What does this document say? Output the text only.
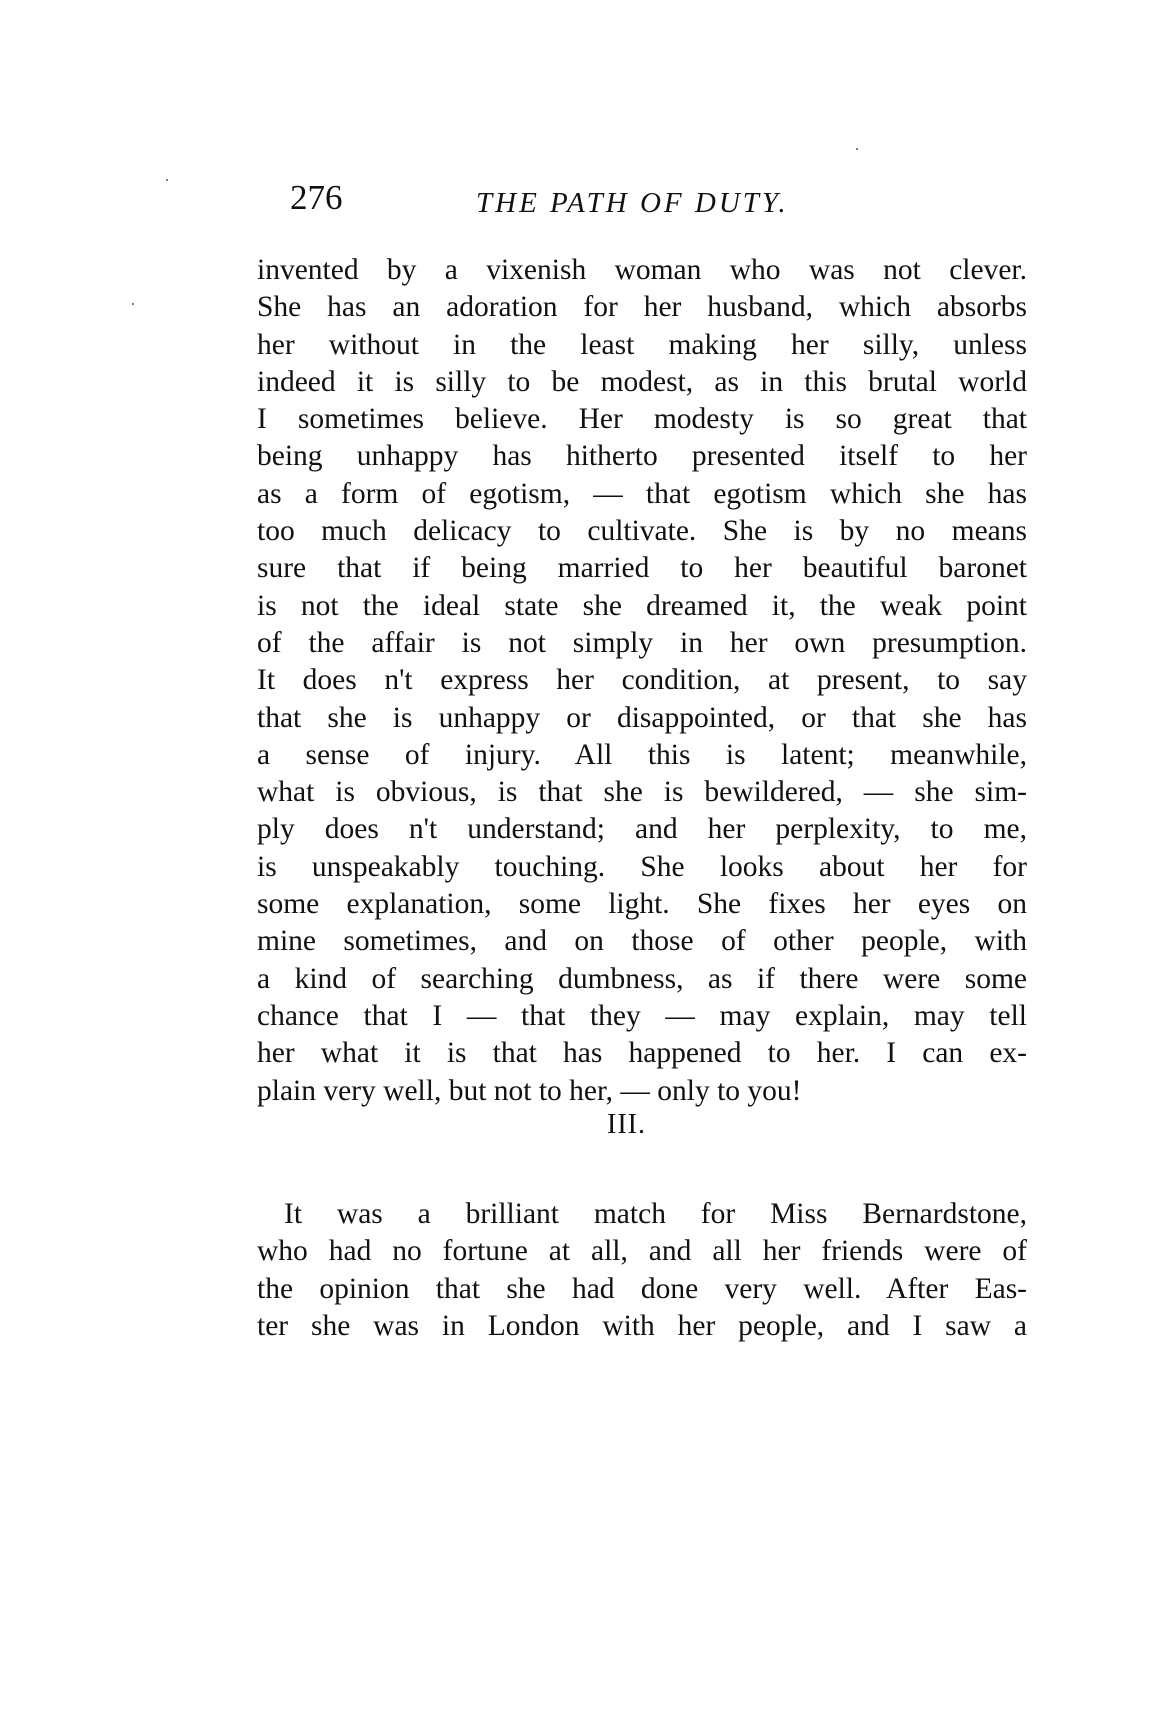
276	THE PATH OF DUTY.
invented by a vixenish woman who was not clever.
She has an adoration for her husband, which absorbs
her without in the least making her silly, unless
indeed it is silly to be modest, as in this brutal world
I sometimes believe. Her modesty is so great that
being unhappy has hitherto presented itself to her
as a form of egotism, — that egotism which she has
too much delicacy to cultivate. She is by no means
sure that if being married to her beautiful baronet
is not the ideal state she dreamed it, the weak point
of the affair is not simply in her own presumption.
It does n't express her condition, at present, to say
that she is unhappy or disappointed, or that she has
a sense of injury. All this is latent; meanwhile,
what is obvious, is that she is bewildered, — she sim-
ply does n't understand; and her perplexity, to me,
is unspeakably touching. She looks about her for
some explanation, some light. She fixes her eyes on
mine sometimes, and on those of other people, with
a kind of searching dumbness, as if there were some
chance that I — that they — may explain, may tell
her what it is that has happened to her. I can ex-
plain very well, but not to her, — only to you!
III.
It was a brilliant match for Miss Bernardstone,
who had no fortune at all, and all her friends were of
the opinion that she had done very well. After Eas-
ter she was in London with her people, and I saw a
